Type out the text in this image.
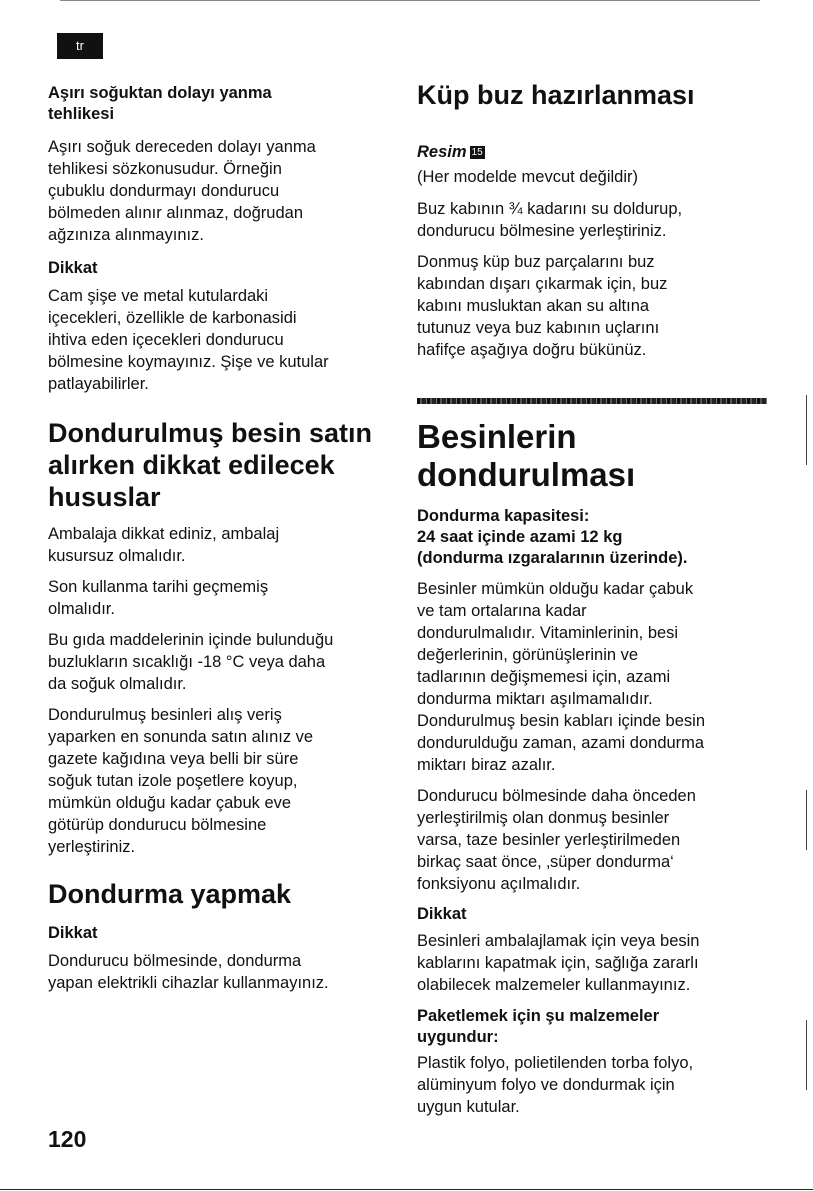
tr
Aşırı soğuktan dolayı yanma
tehlikesi

Aşırı soğuk dereceden dolayı yanma
tehlikesi sözkonusudur. Örneğin
çubuklu dondurmayı dondurucu
bölmeden alınır alınmaz, doğrudan
ağzınıza alınmayınız.

Dikkat

Cam şişe ve metal kutulardaki
içecekleri, özellikle de karbonasidi
ihtiva eden içecekleri dondurucu
bölmesine koymayınız. Şişe ve kutular
patlayabilirler.

Dondurulmuş besin satın
alırken dikkat edilecek
hususlar

Ambalaja dikkat ediniz, ambalaj
kusursuz olmalıdır.

Son kullanma tarihi geçmemiş
olmalıdır.

Bu gıda maddelerinin içinde bulunduğu
buzlukların sıcaklığı -18 °C veya daha
da soğuk olmalıdır.

Dondurulmuş besinleri alış veriş
yaparken en sonunda satın alınız ve
gazete kağıdına veya belli bir süre
soğuk tutan izole poşetlere koyup,
mümkün olduğu kadar çabuk eve
götürüp dondurucu bölmesine
yerleştiriniz.

Dondurma yapmak
Dikkat

Dondurucu bölmesinde, dondurma
yapan elektrikli cihazlar kullanmayınız.

Küp buz hazırlanması

Resim 15

(Her modelde mevcut değildir)

Buz kabının ¾ kadarını su doldurup,
dondurucu bölmesine yerleştiriniz.

Donmuş küp buz parçalarını buz
kabından dışarı çıkarmak için, buz
kabını musluktan akan su altına
tutunuz veya buz kabının uçlarını
hafifçe aşağıya doğru bükünüz.

Besinlerin
dondurulması
Dondurma kapasitesi:
24 saat içinde azami 12 kg
(dondurma ızgaralarının üzerinde).

Besinler mümkün olduğu kadar çabuk
ve tam ortalarına kadar
dondurulmalıdır. Vitaminlerinin, besi
değerlerinin, görünüşlerinin ve
tadlarının değişmemesi için, azami
dondurma miktarı aşılmamalıdır.
Dondurulmuş besin kabları içinde besin
dondurulduğu zaman, azami dondurma
miktarı biraz azalır.

Dondurucu bölmesinde daha önceden
yerleştirilmiş olan donmuş besinler
varsa, taze besinler yerleştirilmeden
birkaç saat önce, ‚süper dondurma‘
fonksiyonu açılmalıdır.

Dikkat

Besinleri ambalajlamak için veya besin
kablarını kapatmak için, sağlığa zararlı
olabilecek malzemeler kullanmayınız.

Paketlemek için şu malzemeler
uygundur:

Plastik folyo, polietilenden torba folyo,
alüminyum folyo ve dondurmak için
uygun kutular.

120
